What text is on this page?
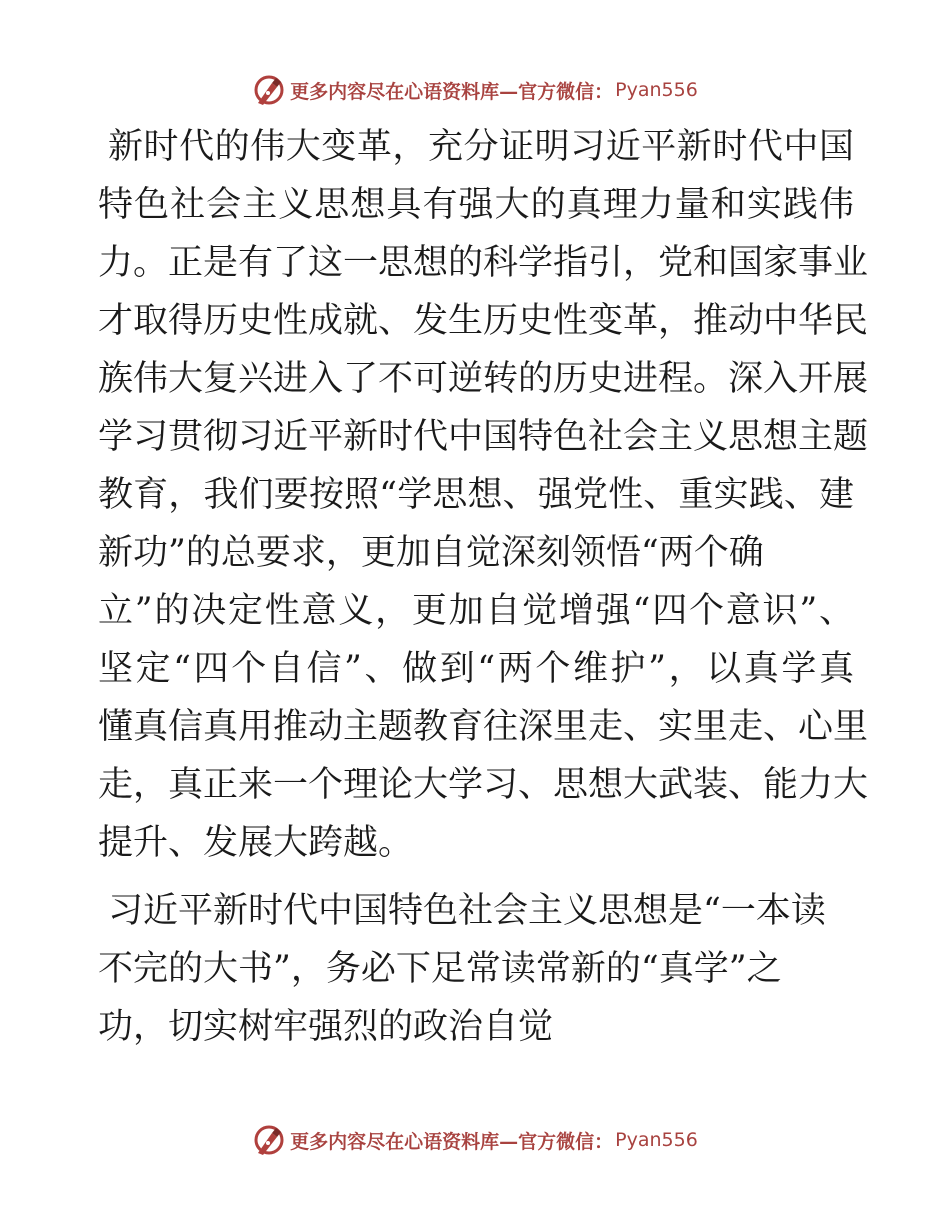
更多内容尽在心语资料库—官方微信： Pyan556

新时代的伟大变革，充分证明习近平新时代中国
特色社会主义思想具有强大的真理力量和实践伟
力。正是有了这一思想的科学指引，党和国家事业
才取得历史性成就、发生历史性变革，推动中华民
族伟大复兴进入了不可逆转的历史进程。深入开展
学习贯彻习近平新时代中国特色社会主义思想主题
教育，我们要按照“学思想、强党性、重实践、建
新功”的总要求，更加自觉深刻领悟“两个确
立”的决定性意义，更加自觉增强“四个意识”、
坚定“四个自信”、做到“两个维护”，以真学真
懂真信真用推动主题教育往深里走、实里走、心里
走，真正来一个理论大学习、思想大武装、能力大
提升、发展大跨越。

习近平新时代中国特色社会主义思想是“一本读
不完的大书”，务必下足常读常新的“真学”之
功，切实树牢强烈的政治自觉

更多内容尽在心语资料库—官方微信： Pyan556
